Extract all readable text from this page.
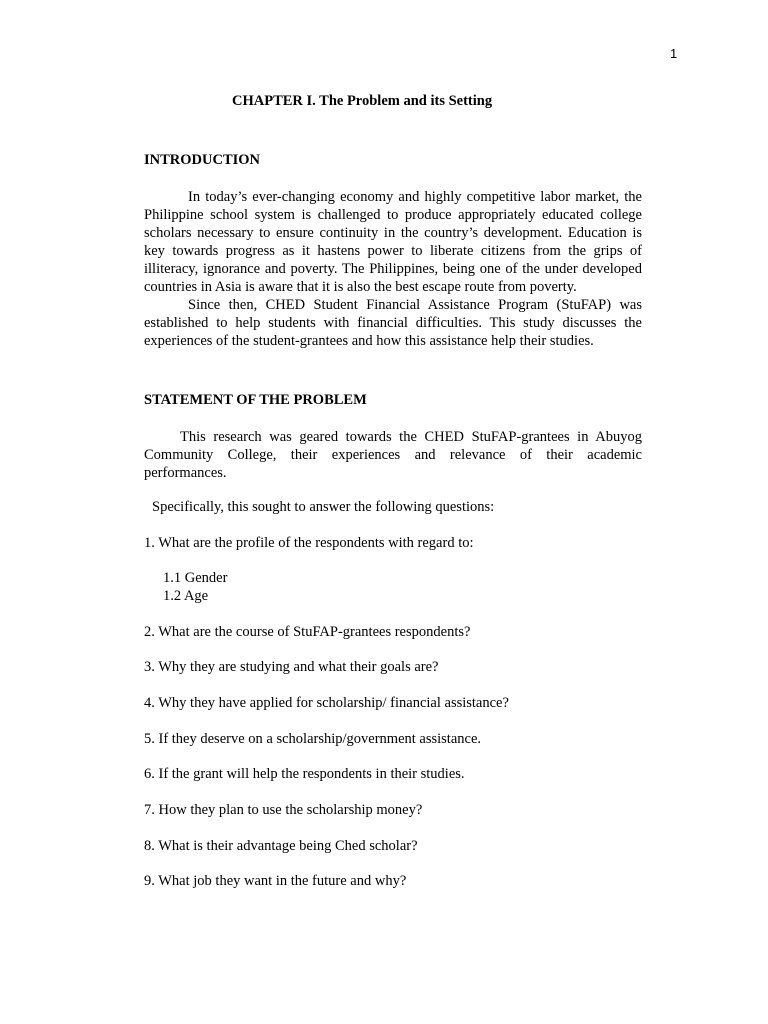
1
CHAPTER I. The Problem and its Setting
INTRODUCTION

In today’s ever-changing economy and highly competitive labor market, the Philippine school system is challenged to produce appropriately educated college scholars necessary to ensure continuity in the country’s development. Education is key towards progress as it hastens power to liberate citizens from the grips of illiteracy, ignorance and poverty. The Philippines, being one of the under developed countries in Asia is aware that it is also the best escape route from poverty.

Since then, CHED Student Financial Assistance Program (StuFAP) was established to help students with financial difficulties. This study discusses the experiences of the student-grantees and how this assistance help their studies.

STATEMENT OF THE PROBLEM

This research was geared towards the CHED StuFAP-grantees in Abuyog Community College, their experiences and relevance of their academic performances.

Specifically, this sought to answer the following questions:
1. What are the profile of the respondents with regard to:
1.1 Gender
1.2 Age
2. What are the course of StuFAP-grantees respondents?
3. Why they are studying and what their goals are?
4. Why they have applied for scholarship/ financial assistance?
5. If they deserve on a scholarship/government assistance.
6. If the grant will help the respondents in their studies.
7. How they plan to use the scholarship money?
8. What is their advantage being Ched scholar?
9. What job they want in the future and why?
